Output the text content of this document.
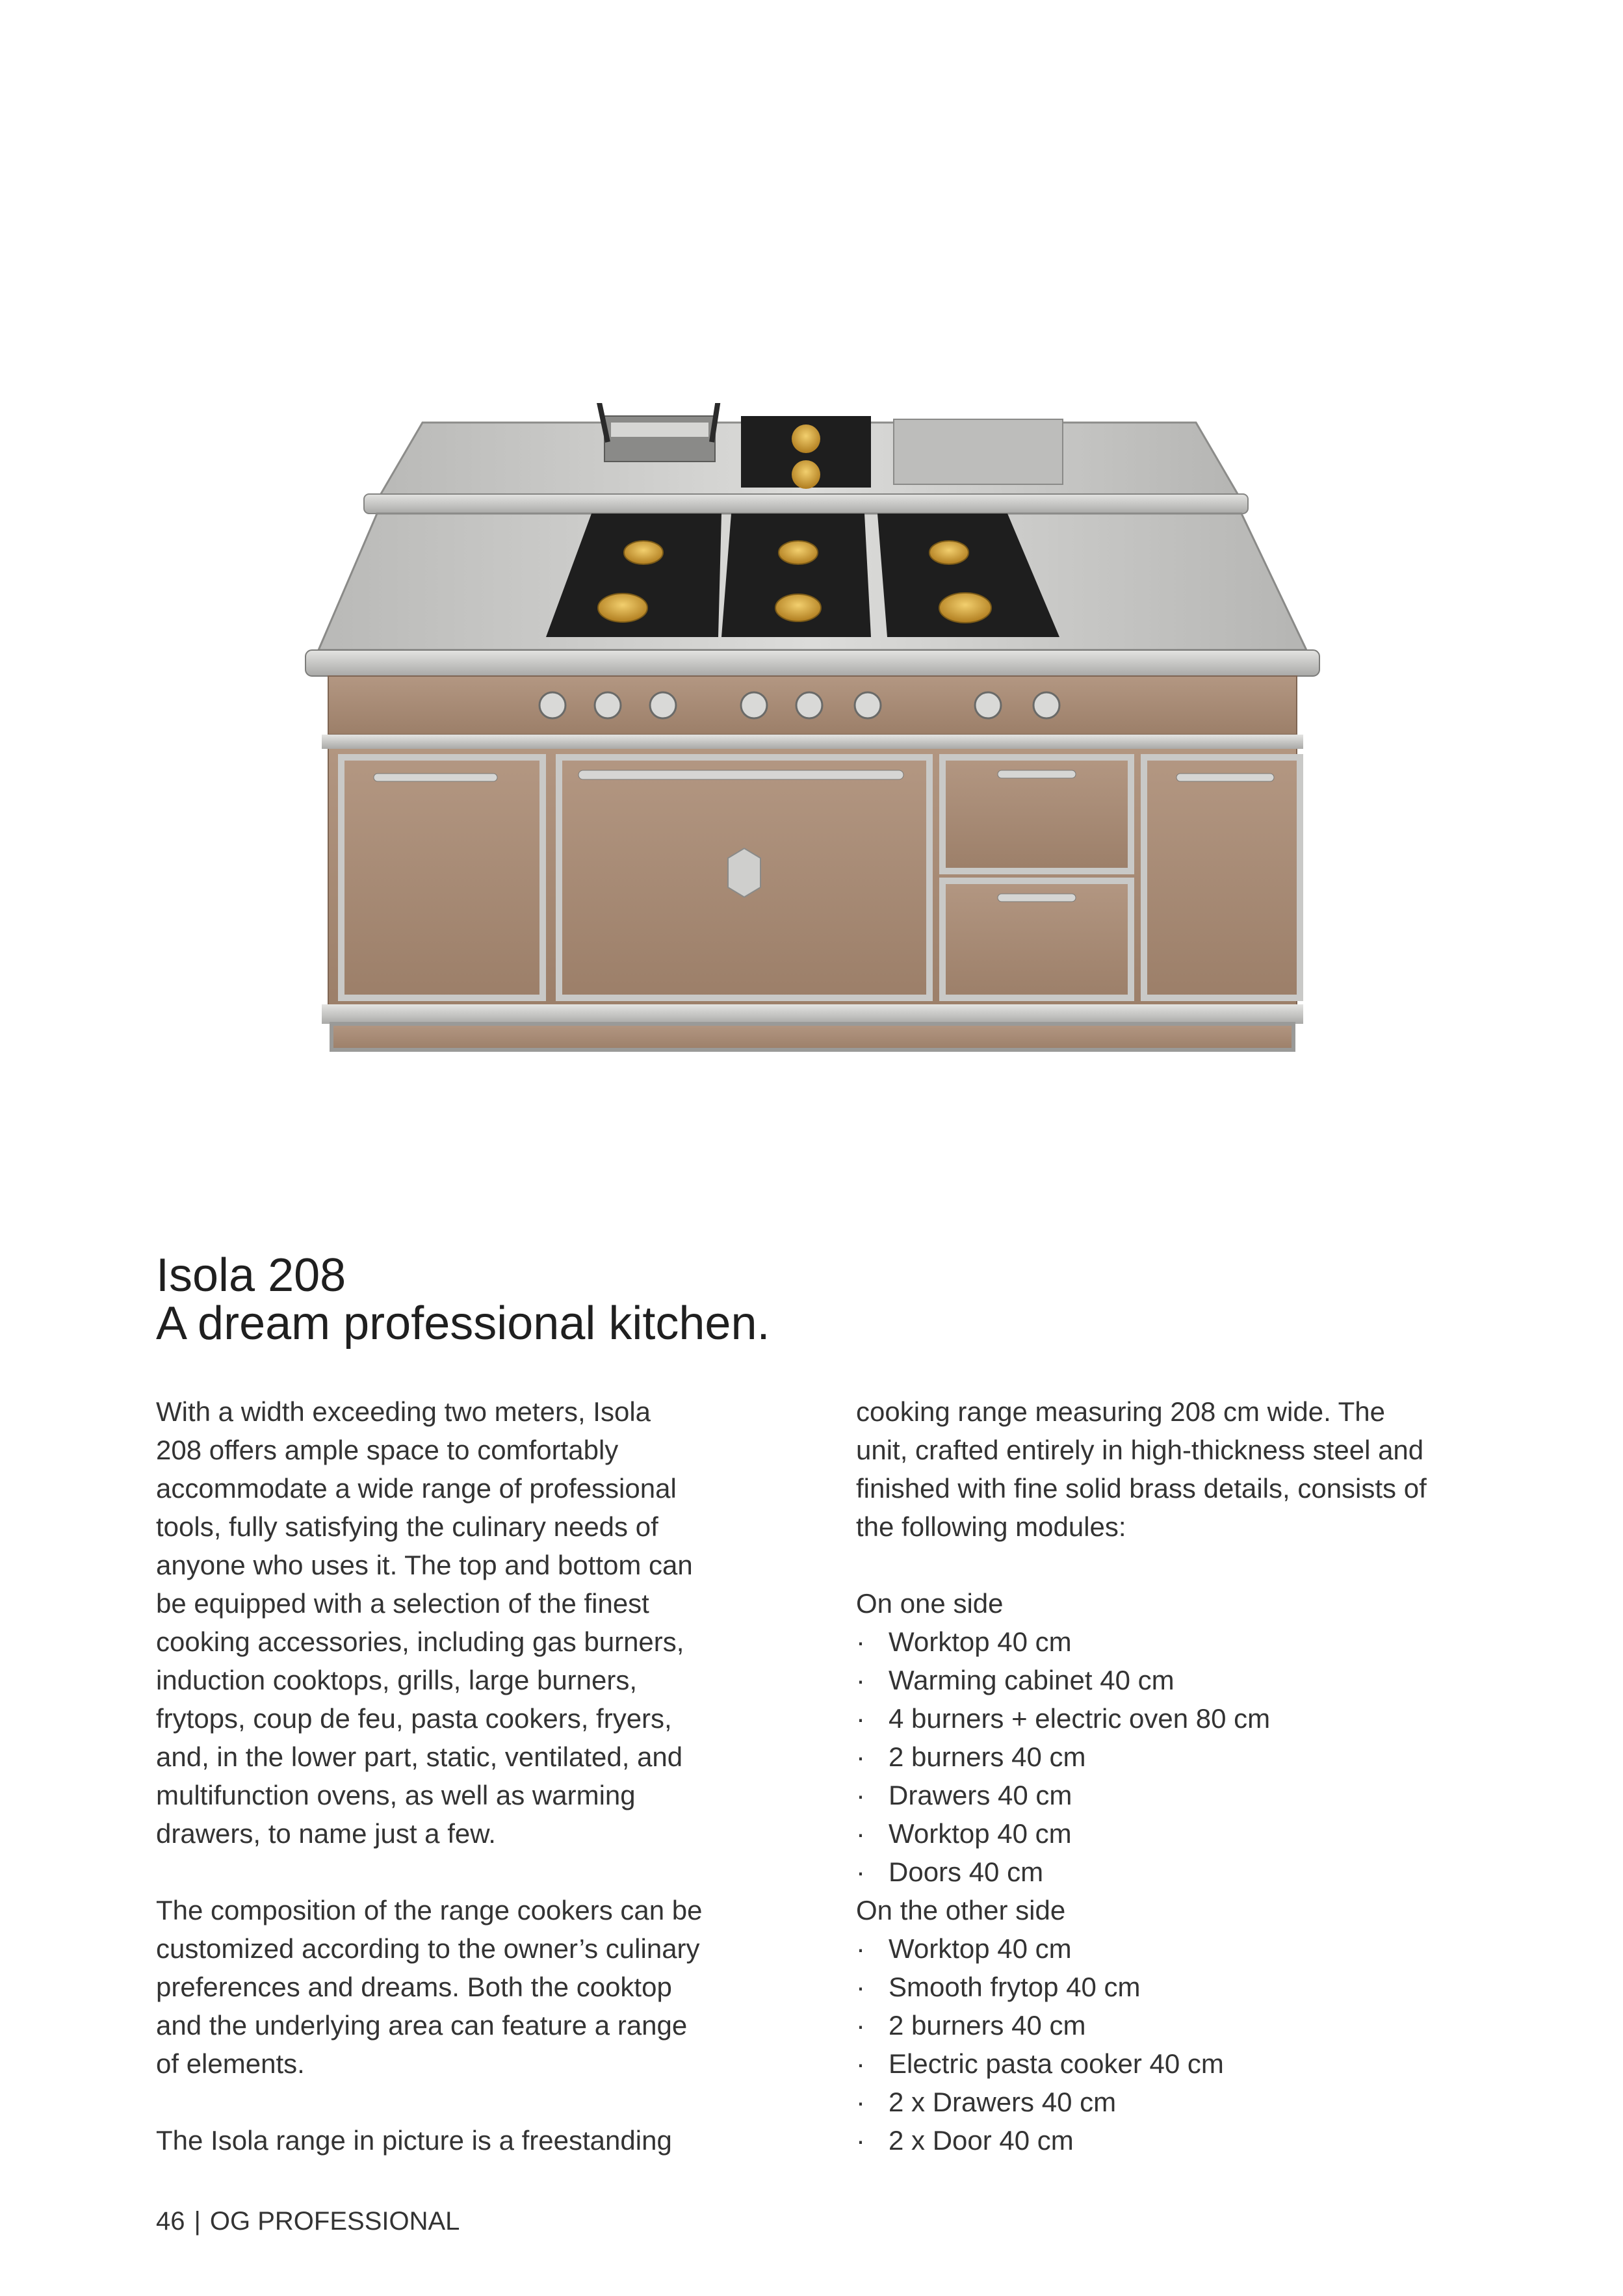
Isola 208
A dream professional kitchen.
With a width exceeding two meters, Isola
208 offers ample space to comfortably
accommodate a wide range of professional
tools, fully satisfying the culinary needs of
anyone who uses it. The top and bottom can
be equipped with a selection of the finest
cooking accessories, including gas burners,
induction cooktops, grills, large burners,
frytops, coup de feu, pasta cookers, fryers,
and, in the lower part, static, ventilated, and
multifunction ovens, as well as warming
drawers, to name just a few.
The composition of the range cookers can be
customized according to the owner’s culinary
preferences and dreams. Both the cooktop
and the underlying area can feature a range
of elements.
The Isola range in picture is a freestanding
cooking range measuring 208 cm wide. The
unit, crafted entirely in high-thickness steel and
finished with fine solid brass details, consists of
the following modules:
On one side
· Worktop 40 cm
· Warming cabinet 40 cm
· 4 burners + electric oven 80 cm
· 2 burners 40 cm
· Drawers 40 cm
· Worktop 40 cm
· Doors 40 cm
On the other side
· Worktop 40 cm
· Smooth frytop 40 cm
· 2 burners 40 cm
· Electric pasta cooker 40 cm
· 2 x Drawers 40 cm
· 2 x Door 40 cm
46 | OG PROFESSIONAL
